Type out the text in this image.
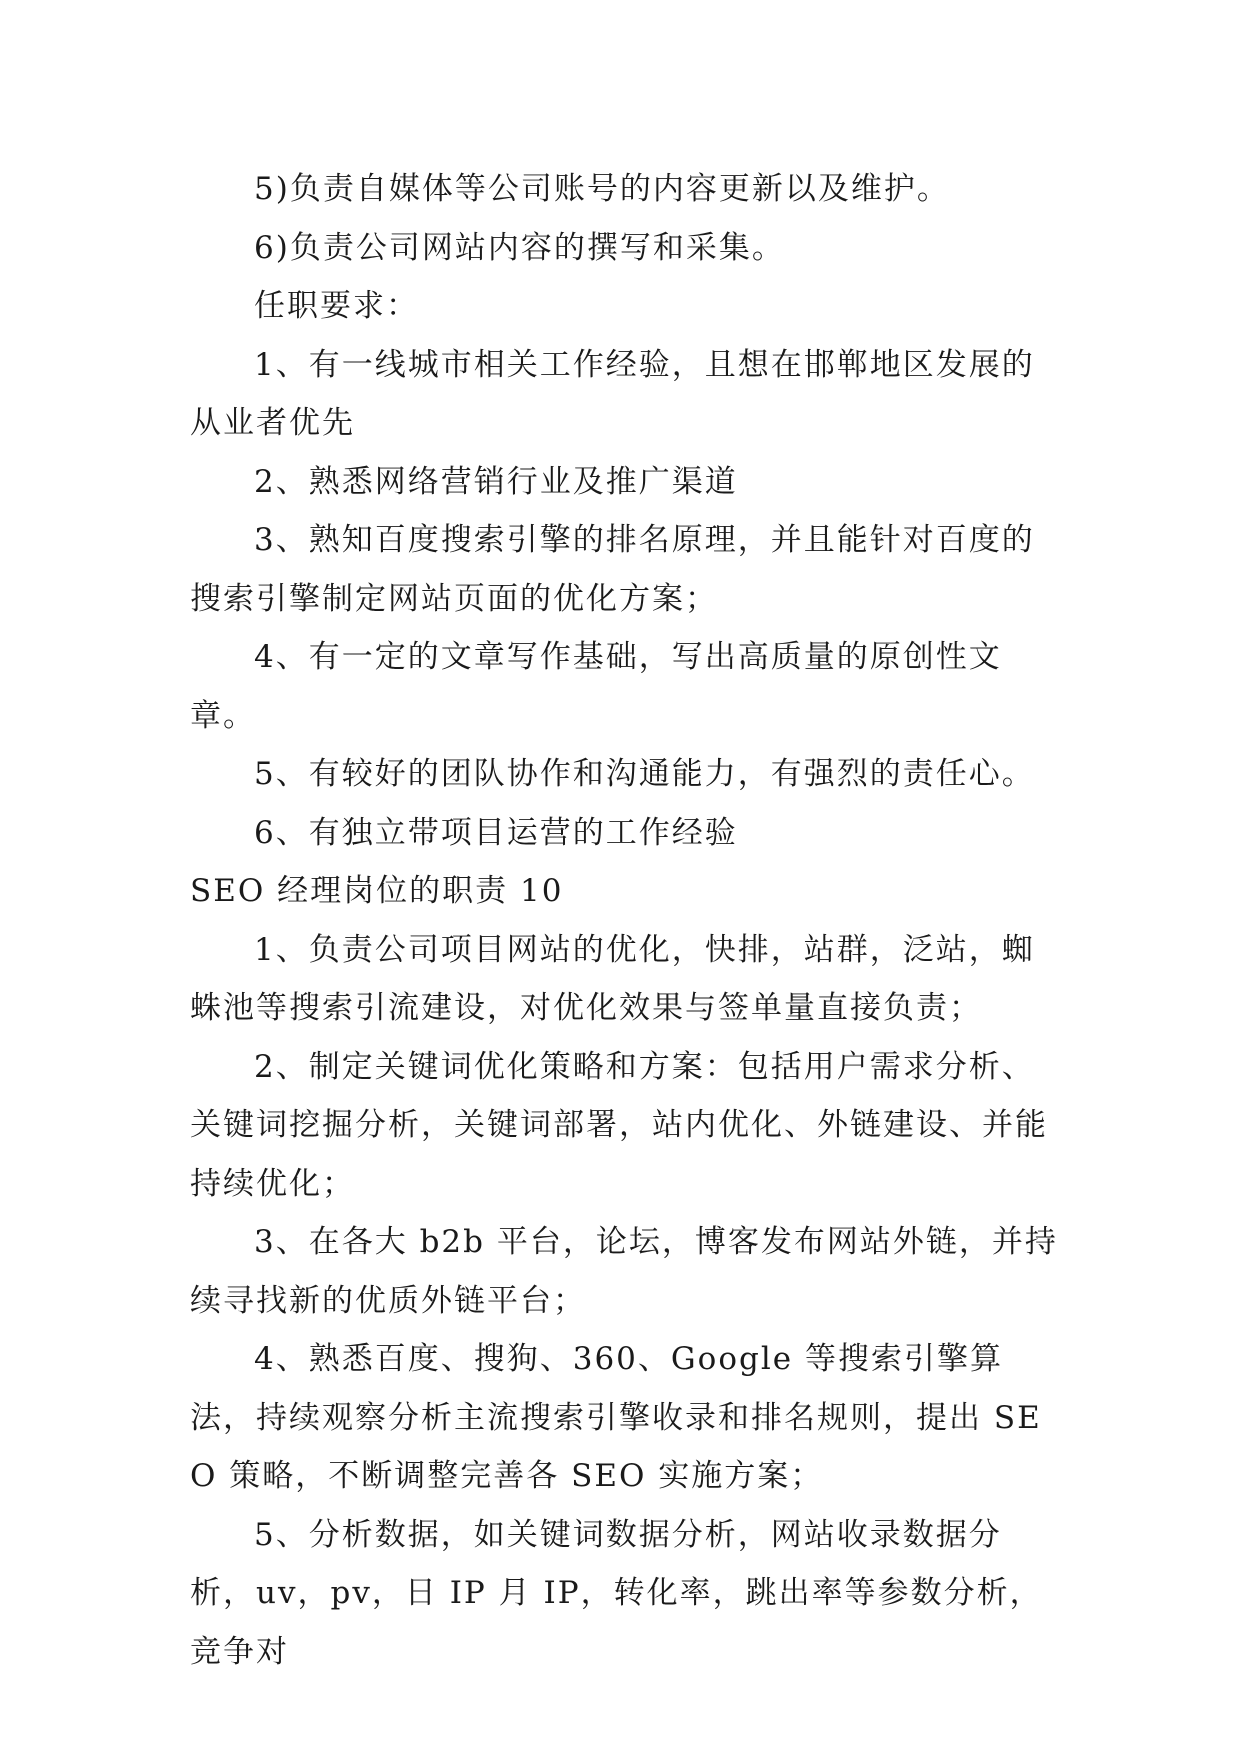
5)负责自媒体等公司账号的内容更新以及维护。

6)负责公司网站内容的撰写和采集。

任职要求：

1、有一线城市相关工作经验，且想在邯郸地区发展的从业者优先

2、熟悉网络营销行业及推广渠道

3、熟知百度搜索引擎的排名原理，并且能针对百度的搜索引擎制定网站页面的优化方案；

4、有一定的文章写作基础，写出高质量的原创性文章。

5、有较好的团队协作和沟通能力，有强烈的责任心。

6、有独立带项目运营的工作经验

SEO 经理岗位的职责 10

1、负责公司项目网站的优化，快排，站群，泛站，蜘蛛池等搜索引流建设，对优化效果与签单量直接负责；

2、制定关键词优化策略和方案：包括用户需求分析、关键词挖掘分析，关键词部署，站内优化、外链建设、并能持续优化；

3、在各大 b2b 平台，论坛，博客发布网站外链，并持续寻找新的优质外链平台；

4、熟悉百度、搜狗、360、Google 等搜索引擎算法，持续观察分析主流搜索引擎收录和排名规则，提出 SEO 策略，不断调整完善各 SEO 实施方案；

5、分析数据，如关键词数据分析，网站收录数据分析，uv，pv，日 IP 月 IP，转化率，跳出率等参数分析，竞争对
